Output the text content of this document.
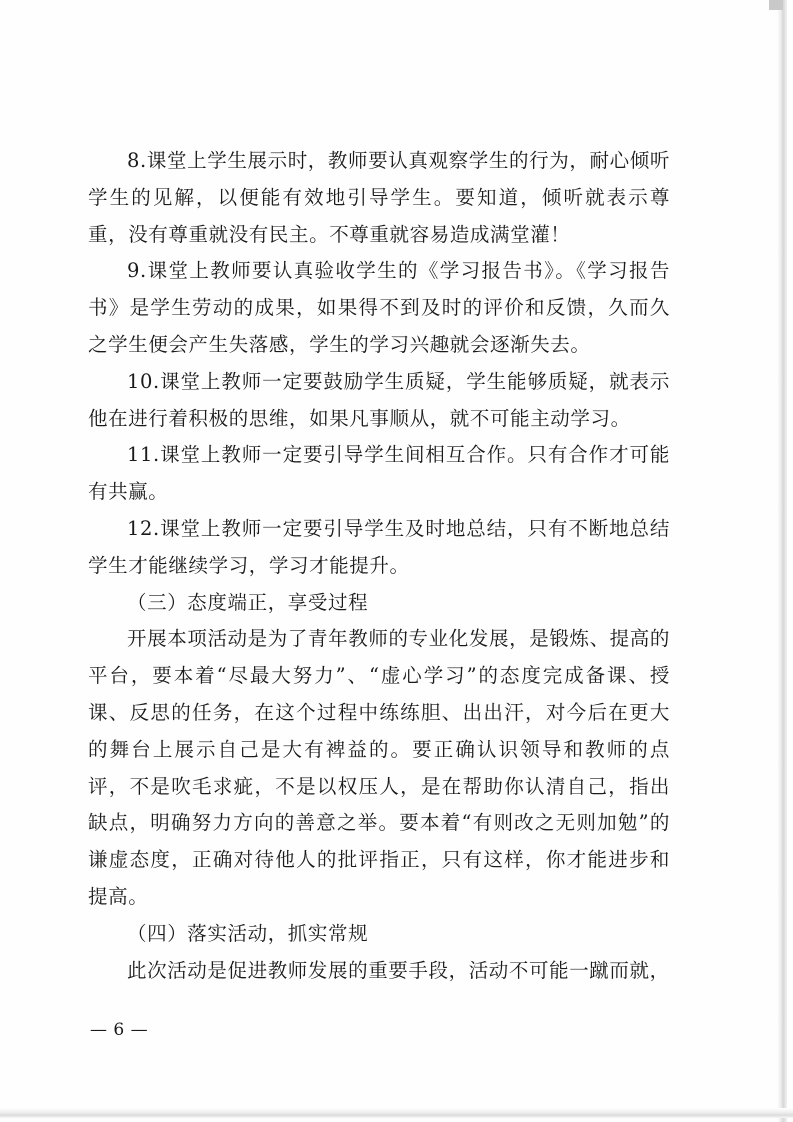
8.课堂上学生展示时，教师要认真观察学生的行为，耐心倾听学生的见解，以便能有效地引导学生。要知道，倾听就表示尊重，没有尊重就没有民主。不尊重就容易造成满堂灌！

9.课堂上教师要认真验收学生的《学习报告书》。《学习报告书》是学生劳动的成果，如果得不到及时的评价和反馈，久而久之学生便会产生失落感，学生的学习兴趣就会逐渐失去。

10.课堂上教师一定要鼓励学生质疑，学生能够质疑，就表示他在进行着积极的思维，如果凡事顺从，就不可能主动学习。

11.课堂上教师一定要引导学生间相互合作。只有合作才可能有共赢。

12.课堂上教师一定要引导学生及时地总结，只有不断地总结学生才能继续学习，学习才能提升。

（三）态度端正，享受过程

开展本项活动是为了青年教师的专业化发展，是锻炼、提高的平台，要本着“尽最大努力”、“虚心学习”的态度完成备课、授课、反思的任务，在这个过程中练练胆、出出汗，对今后在更大的舞台上展示自己是大有裨益的。要正确认识领导和教师的点评，不是吹毛求疵，不是以权压人，是在帮助你认清自己，指出缺点，明确努力方向的善意之举。要本着“有则改之无则加勉”的谦虚态度，正确对待他人的批评指正，只有这样，你才能进步和提高。

（四）落实活动，抓实常规

此次活动是促进教师发展的重要手段，活动不可能一蹴而就，

— 6 —
